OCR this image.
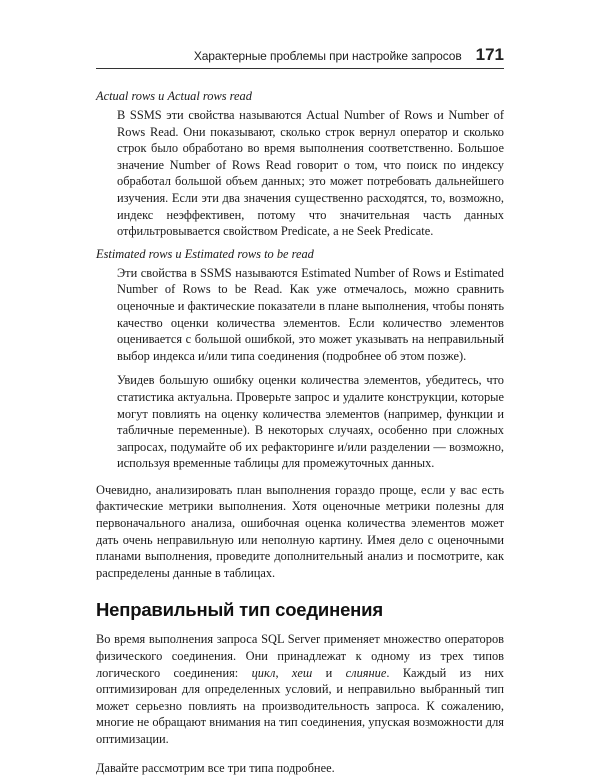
Характерные проблемы при настройке запросов 171

Actual rows и Actual rows read

В SSMS эти свойства называются Actual Number of Rows и Number of Rows Read. Они показывают, сколько строк вернул оператор и сколько строк было обработано во время выполнения соответственно. Большое значение Number of Rows Read говорит о том, что поиск по индексу обработал большой объем данных; это может потребовать дальнейшего изучения. Если эти два значения существенно расходятся, то, возможно, индекс неэффективен, потому что значительная часть данных отфильтровывается свойством Predicate, а не Seek Predicate.

Estimated rows и Estimated rows to be read

Эти свойства в SSMS называются Estimated Number of Rows и Estimated Number of Rows to be Read. Как уже отмечалось, можно сравнить оценочные и фактические показатели в плане выполнения, чтобы понять качество оценки количества элементов. Если количество элементов оценивается с большой ошибкой, это может указывать на неправильный выбор индекса и/или типа соединения (подробнее об этом позже).

Увидев большую ошибку оценки количества элементов, убедитесь, что статистика актуальна. Проверьте запрос и удалите конструкции, которые могут повлиять на оценку количества элементов (например, функции и табличные переменные). В некоторых случаях, особенно при сложных запросах, подумайте об их рефакторинге и/или разделении — возможно, используя временные таблицы для промежуточных данных.

Очевидно, анализировать план выполнения гораздо проще, если у вас есть фактические метрики выполнения. Хотя оценочные метрики полезны для первоначального анализа, ошибочная оценка количества элементов может дать очень неправильную или неполную картину. Имея дело с оценочными планами выполнения, проведите дополнительный анализ и посмотрите, как распределены данные в таблицах.

Неправильный тип соединения

Во время выполнения запроса SQL Server применяет множество операторов физического соединения. Они принадлежат к одному из трех типов логического соединения: цикл, хеш и слияние. Каждый из них оптимизирован для определенных условий, и неправильно выбранный тип может серьезно повлиять на производительность запроса. К сожалению, многие не обращают внимания на тип соединения, упуская возможности для оптимизации.

Давайте рассмотрим все три типа подробнее.
